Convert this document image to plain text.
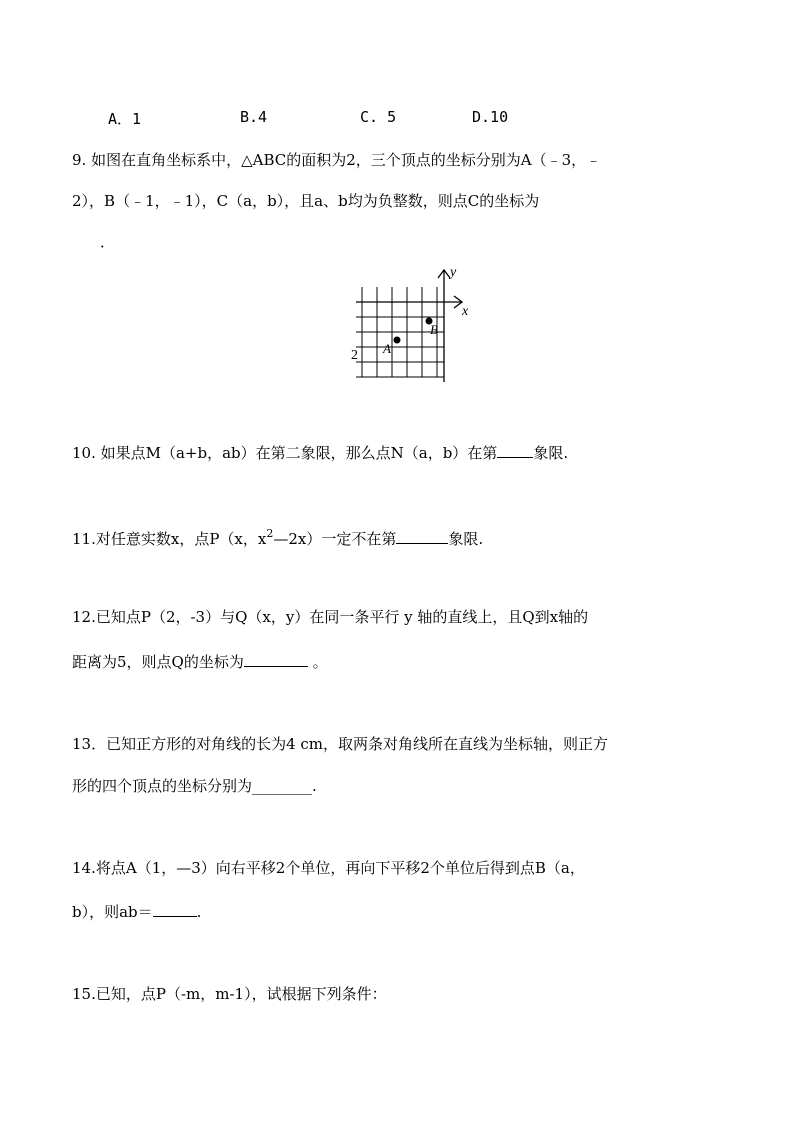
A．1	B.4	C. 5	D.10
9. 如图在直角坐标系中，△ABC的面积为2，三个顶点的坐标分别为A（﹣3，﹣
2），B（﹣1，﹣1），C（a，b），且a、b均为负整数，则点C的坐标为
．
y
x
B
A
2
10. 如果点M（a+b，ab）在第二象限，那么点N（a，b）在第 象限.
11.对任意实数x，点P（x，$x^2—2x$）一定不在第	象限.
12.已知点P（2，-3）与Q（x，y）在同一条平行 y 轴的直线上，且Q到x轴的
距离为5，则点Q的坐标为	。
13．已知正方形的对角线的长为4 cm，取两条对角线所在直线为坐标轴，则正方
形的四个顶点的坐标分别为________.
14.将点A（1，—3）向右平移2个单位，再向下平移2个单位后得到点B（a，
b），则ab＝	.
15.已知，点P（-m，m-1），试根据下列条件：
